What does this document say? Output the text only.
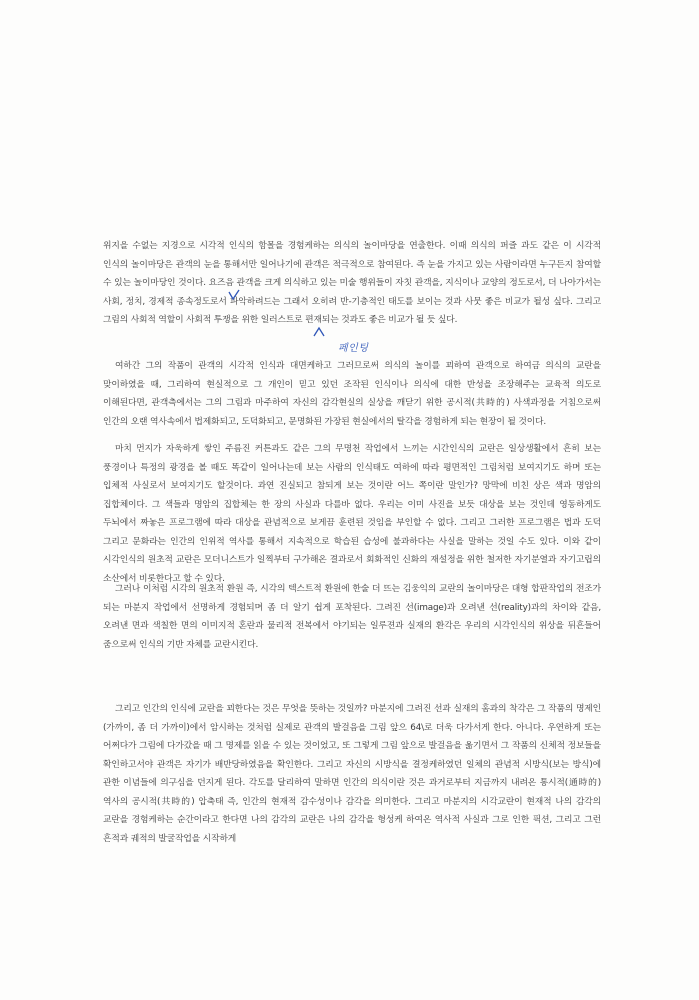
위지을 수없는 지경으로 시각적 인식의 함몰을 경험케하는 의식의 놀이마당을 연출한다. 이때 의식의 퍼즐 과도 같은 이 시각적 인식의 놀이마당은 관객의 눈을 통해서만 일어나기에 관객은 적극적으로 참여된다. 즉 눈을 가지고 있는 사람이라면 누구든지 참여할 수 있는 놀이마당인 것이다. 요즈음 관객을 크게 의식하고 있는 미술 행위들이 자칫 관객을, 지식이나 교양의 정도로서, 더 나아가서는 사회, 정치, 경제적 종속정도로서 파악하려드는 그래서 오히려 반-기층적인 태도를 보이는 것과 사뭇 좋은 비교가 될성 싶다. 그리고 그림의 사회적 역할이 사회적 투쟁을 위한 일러스트로 편재되는 것과도 좋은 비교가 될 듯 싶다.
여하간 그의 작품이 관객의 시각적 인식과 대면케하고 그러므로써 의식의 놀이를 꾀하여 관객으로 하여금 의식의 교란을 맞이하였을 때, 그리하여 현실적으로 그 개인이 믿고 있던 조작된 인식이나 의식에 대한 반성을 조장해주는 교육적 의도로 이해된다면, 관객측에서는 그의 그림과 마주하여 자신의 감각현실의 실상을 깨닫기 위한 공시적(共時的) 사색과정을 거침으로써 인간의 오랜 역사속에서 법제화되고, 도덕화되고, 문명화된 가장된 현실에서의 탈각을 경험하게 되는 현장이 될 것이다.
마치 먼지가 자욱하게 쌓인 주름진 커튼과도 같은 그의 무명천 작업에서 느끼는 시간인식의 교란은 일상생활에서 흔히 보는 풍경이나 특정의 광경을 볼 때도 똑같이 일어나는데 보는 사람의 인식태도 여하에 따라 평면적인 그림처럼 보여지기도 하며 또는 입체적 사실로서 보여지기도 할것이다. 과연 진실되고 참되게 보는 것이란 어느 쪽이란 말인가? 망막에 비친 상은 색과 명암의 집합체이다. 그 색들과 명암의 집합체는 한 장의 사실과 다를바 없다. 우리는 이미 사진을 보듯 대상을 보는 것인데 영동하게도 두뇌에서 짜놓은 프로그램에 따라 대상을 관념적으로 보게끔 훈련된 것임을 부인할 수 없다. 그리고 그러한 프로그램은 법과 도덕 그리고 문화라는 인간의 인위적 역사를 통해서 지속적으로 학습된 습성에 불과하다는 사실을 말하는 것일 수도 있다. 이와 같이 시각인식의 원초적 교란은 모더니스트가 일찍부터 구가해온 결과로서 회화적인 신화의 재설정을 위한 철저한 자기분열과 자기고립의 소산에서 비롯한다고 할 수 있다.
그러나 이처럼 시각의 원초적 환원 즉, 시각의 텍스트적 환원에 한술 더 뜨는 김웅익의 교란의 놀이마당은 대형 합판작업의 전조가 되는 마분지 작업에서 선명하게 경험되며 좀 더 알기 쉽게 포착된다. 그려진 선(image)과 오려낸 선(reality)과의 차이와 같음, 오려낸 면과 색칠한 면의 이미지적 혼란과 물리적 전복에서 야기되는 일루젼과 실재의 환각은 우리의 시각인식의 위상을 뒤흔들어 줌으로써 인식의 기반 자체를 교란시킨다.
그리고 인간의 인식에 교란을 꾀한다는 것은 무엇을 뜻하는 것일까? 마분지에 그려진 선과 실재의 홈과의 착각은 그 작품의 명제인 (가까이, 좀 더 가까이)에서 암시하는 것처럼 실제로 관객의 발걸음을 그림 앞으 64\로 더욱 다가서게 한다. 아니다. 우연하게 또는 어쩌다가 그림에 다가갔을 때 그 명제를 읽을 수 있는 것이었고, 또 그렇게 그림 앞으로 발걸음을 옮기면서 그 작품의 신체적 정보들을 확인하고서야 관객은 자기가 배반당하였음을 확인한다. 그리고 자신의 시방식을 결정케하였던 일체의 관념적 시방식(보는 방식)에 관한 이념들에 의구심을 던지게 된다. 각도를 달리하여 말하면 인간의 의식이란 것은 과거로부터 지금까지 내려온 통시적(通時的) 역사의 공시적(共時的) 압축태 즉, 인간의 현재적 감수성이나 감각을 의미한다. 그리고 마분지의 시각교란이 현재적 나의 감각의 교란을 경험케하는 순간이라고 한다면 나의 감각의 교란은 나의 감각을 형성케 하여온 역사적 사실과 그로 인한 픽션, 그리고 그런 흔적과 궤적의 발굴작업을 시작하게
페인팅
